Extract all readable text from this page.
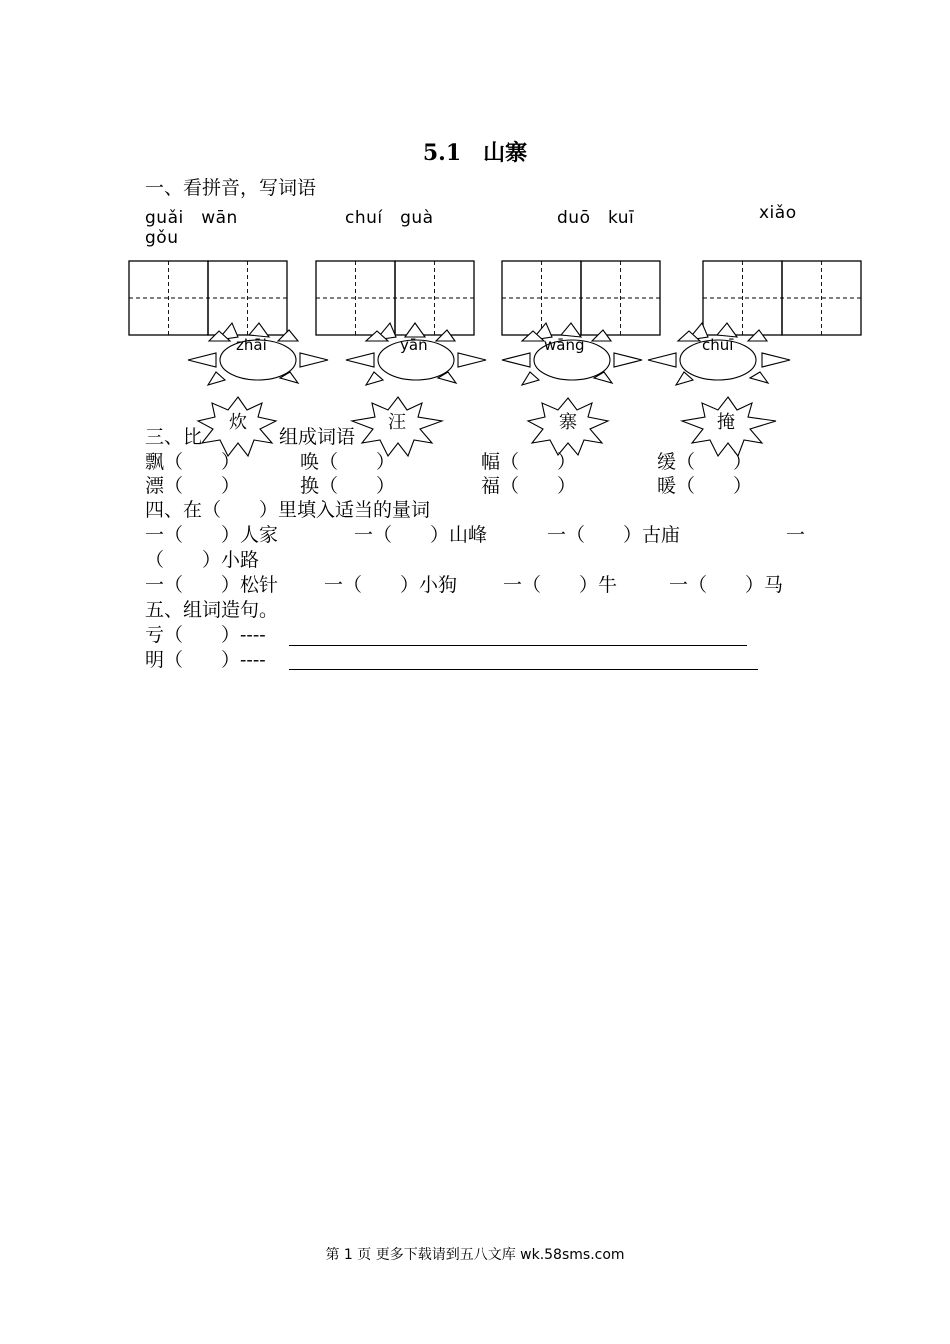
5.1　山寨
一、看拼音，写词语
guǎi　wān	chuí　guà	duō　kuī	xiǎo
gǒu
zhāi	yān	wāng	chuī
三、比	组成词语
炊	汪	寨	掩
飘（　　）	唤（　　）	幅（　　）	缓（　　）
漂（　　）	换（　　）	福（　　）	暖（　　）
四、在（　　）里填入适当的量词
一（　　）人家	一（　　）山峰	一（　　）古庙	一
（　　）小路
一（　　）松针 一（　　）小狗 一（　　）牛	一（　　）马
五、组词造句。
亏（　　）----
明（　　）----
第 1 页 更多下载请到五八文库 wk.58sms.com
